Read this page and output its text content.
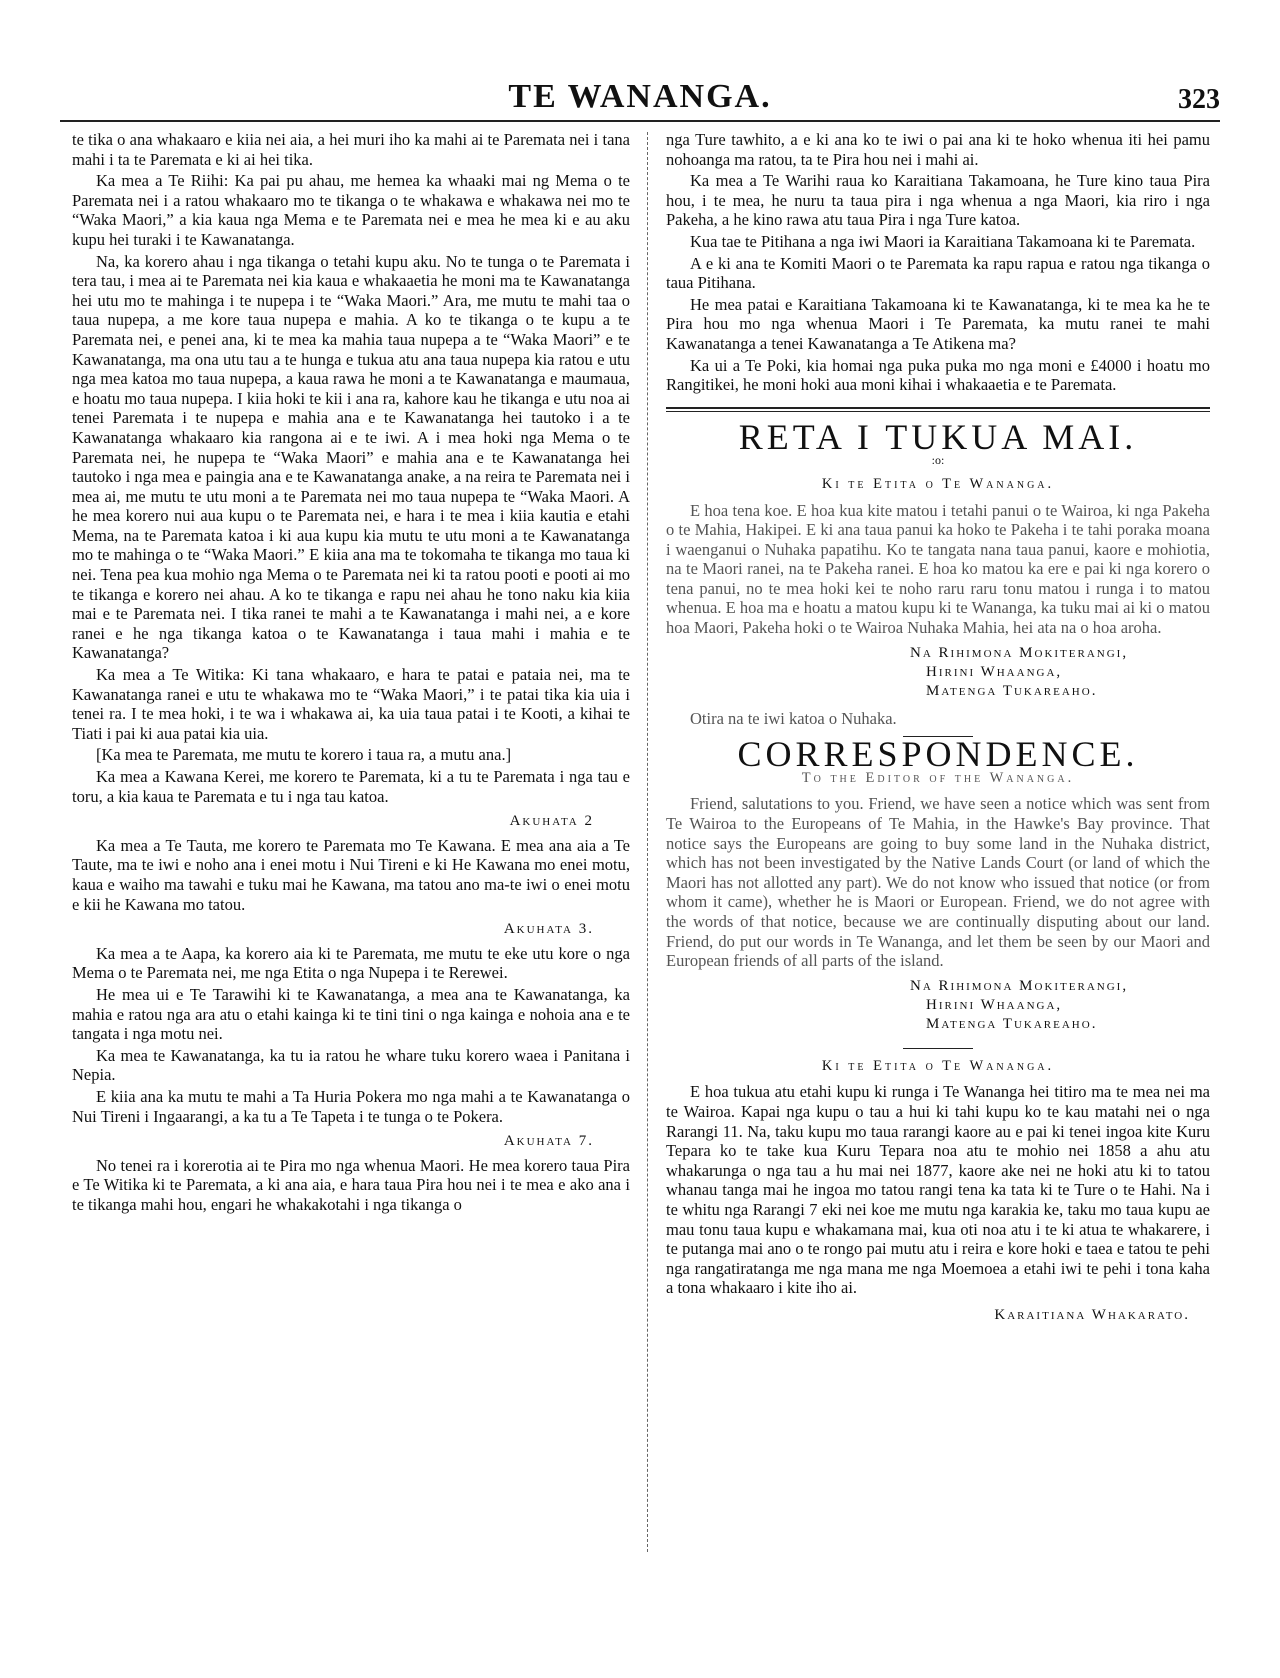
TE WANANGA.	323

te tika o ana whakaaro e kiia nei aia, a hei muri iho ka mahi ai te Paremata nei i tana mahi i ta te Paremata e ki ai hei tika.

Ka mea a Te Riihi: Ka pai pu ahau, me hemea ka whaaki mai ng Mema o te Paremata nei i a ratou whakaaro mo te tikanga o te whakawa e whakawa nei mo te “Waka Maori,” a kia kaua nga Mema e te Paremata nei e mea he mea ki e au aku kupu hei turaki i te Kawanatanga.

Na, ka korero ahau i nga tikanga o tetahi kupu aku. No te tunga o te Paremata i tera tau, i mea ai te Paremata nei kia kaua e whakaaetia he moni ma te Kawanatanga hei utu mo te mahinga i te nupepa i te “Waka Maori.” Ara, me mutu te mahi taa o taua nupepa, a me kore taua nupepa e mahia. A ko te tikanga o te kupu a te Paremata nei, e penei ana, ki te mea ka mahia taua nupepa a te “Waka Maori” e te Kawanatanga, ma ona utu tau a te hunga e tukua atu ana taua nupepa kia ratou e utu nga mea katoa mo taua nupepa, a kaua rawa he moni a te Kawanatanga e maumaua, e hoatu mo taua nupepa. I kiia hoki te kii i ana ra, kahore kau he tikanga e utu noa ai tenei Paremata i te nupepa e mahia ana e te Kawanatanga hei tautoko i a te Kawanatanga whakaaro kia rangona ai e te iwi. A i mea hoki nga Mema o te Paremata nei, he nupepa te “Waka Maori” e mahia ana e te Kawanatanga hei tautoko i nga mea e paingia ana e te Kawanatanga anake, a na reira te Paremata nei i mea ai, me mutu te utu moni a te Paremata nei mo taua nupepa te “Waka Maori. A he mea korero nui aua kupu o te Paremata nei, e hara i te mea i kiia kautia e etahi Mema, na te Paremata katoa i ki aua kupu kia mutu te utu moni a te Kawanatanga mo te mahinga o te “Waka Maori.” E kiia ana ma te tokomaha te tikanga mo taua ki nei. Tena pea kua mohio nga Mema o te Paremata nei ki ta ratou pooti e pooti ai mo te tikanga e korero nei ahau. A ko te tikanga e rapu nei ahau he tono naku kia kiia mai e te Paremata nei. I tika ranei te mahi a te Kawanatanga i mahi nei, a e kore ranei e he nga tikanga katoa o te Kawanatanga i taua mahi i mahia e te Kawanatanga?

Ka mea a Te Witika: Ki tana whakaaro, e hara te patai e pataia nei, ma te Kawanatanga ranei e utu te whakawa mo te “Waka Maori,” i te patai tika kia uia i tenei ra. I te mea hoki, i te wa i whakawa ai, ka uia taua patai i te Kooti, a kihai te Tiati i pai ki aua patai kia uia.

[Ka mea te Paremata, me mutu te korero i taua ra, a mutu ana.]

Ka mea a Kawana Kerei, me korero te Paremata, ki a tu te Paremata i nga tau e toru, a kia kaua te Paremata e tu i nga tau katoa.

Akuhata 2

Ka mea a Te Tauta, me korero te Paremata mo Te Kawana. E mea ana aia a Te Taute, ma te iwi e noho ana i enei motu i Nui Tireni e ki He Kawana mo enei motu, kaua e waiho ma tawahi e tuku mai he Kawana, ma tatou ano ma-te iwi o enei motu e kii he Kawana mo tatou.

Akuhata 3.

Ka mea a te Aapa, ka korero aia ki te Paremata, me mutu te eke utu kore o nga Mema o te Paremata nei, me nga Etita o nga Nupepa i te Rerewei.

He mea ui e Te Tarawihi ki te Kawanatanga, a mea ana te Kawanatanga, ka mahia e ratou nga ara atu o etahi kainga ki te tini tini o nga kainga e nohoia ana e te tangata i nga motu nei.

Ka mea te Kawanatanga, ka tu ia ratou he whare tuku korero waea i Panitana i Nepia.

E kiia ana ka mutu te mahi a Ta Huria Pokera mo nga mahi a te Kawanatanga o Nui Tireni i Ingaarangi, a ka tu a Te Tapeta i te tunga o te Pokera.

Akuhata 7.

No tenei ra i korerotia ai te Pira mo nga whenua Maori. He mea korero taua Pira e Te Witika ki te Paremata, a ki ana aia, e hara taua Pira hou nei i te mea e ako ana i te tikanga mahi hou, engari he whakakotahi i nga tikanga o

nga Ture tawhito, a e ki ana ko te iwi o pai ana ki te hoko whenua iti hei pamu nohoanga ma ratou, ta te Pira hou nei i mahi ai.

Ka mea a Te Warihi raua ko Karaitiana Takamoana, he Ture kino taua Pira hou, i te mea, he nuru ta taua pira i nga whenua a nga Maori, kia riro i nga Pakeha, a he kino rawa atu taua Pira i nga Ture katoa.

Kua tae te Pitihana a nga iwi Maori ia Karaitiana Takamoana ki te Paremata.

A e ki ana te Komiti Maori o te Paremata ka rapu rapua e ratou nga tikanga o taua Pitihana.

He mea patai e Karaitiana Takamoana ki te Kawanatanga, ki te mea ka he te Pira hou mo nga whenua Maori i Te Paremata, ka mutu ranei te mahi Kawanatanga a tenei Kawanatanga a Te Atikena ma?

Ka ui a Te Poki, kia homai nga puka puka mo nga moni e £4000 i hoatu mo Rangitikei, he moni hoki aua moni kihai i whakaaetia e te Paremata.

RETA I TUKUA MAI.
:o:
Ki te Etita o Te Wananga.

E hoa tena koe. E hoa kua kite matou i tetahi panui o te Wairoa, ki nga Pakeha o te Mahia, Hakipei. E ki ana taua panui ka hoko te Pakeha i te tahi poraka moana i waenganui o Nuhaka papatihu. Ko te tangata nana taua panui, kaore e mohiotia, na te Maori ranei, na te Pakeha ranei. E hoa ko matou ka ere e pai ki nga korero o tena panui, no te mea hoki kei te noho raru raru tonu matou i runga i to matou whenua. E hoa ma e hoatu a matou kupu ki te Wananga, ka tuku mai ai ki o matou hoa Maori, Pakeha hoki o te Wairoa Nuhaka Mahia, hei ata na o hoa aroha.

Na Rihimona Mokiterangi,
Hirini Whaanga,
Matenga Tukareaho.

Otira na te iwi katoa o Nuhaka.

CORRESPONDENCE.
To the Editor of the Wananga.

Friend, salutations to you. Friend, we have seen a notice which was sent from Te Wairoa to the Europeans of Te Mahia, in the Hawke's Bay province. That notice says the Europeans are going to buy some land in the Nuhaka district, which has not been investigated by the Native Lands Court (or land of which the Maori has not allotted any part). We do not know who issued that notice (or from whom it came), whether he is Maori or European. Friend, we do not agree with the words of that notice, because we are continually disputing about our land. Friend, do put our words in Te Wananga, and let them be seen by our Maori and European friends of all parts of the island.

Na Rihimona Mokiterangi,
Hirini Whaanga,
Matenga Tukareaho.
Ki te Etita o Te Wananga.

E hoa tukua atu etahi kupu ki runga i Te Wananga hei titiro ma te mea nei ma te Wairoa. Kapai nga kupu o tau a hui ki tahi kupu ko te kau matahi nei o nga Rarangi 11. Na, taku kupu mo taua rarangi kaore au e pai ki tenei ingoa kite Kuru Tepara ko te take kua Kuru Tepara noa atu te mohio nei 1858 a ahu atu whakarunga o nga tau a hu mai nei 1877, kaore ake nei ne hoki atu ki to tatou whanau tanga mai he ingoa mo tatou rangi tena ka tata ki te Ture o te Hahi. Na i te whitu nga Rarangi 7 eki nei koe me mutu nga karakia ke, taku mo taua kupu ae mau tonu taua kupu e whakamana mai, kua oti noa atu i te ki atua te whakarere, i te putanga mai ano o te rongo pai mutu atu i reira e kore hoki e taea e tatou te pehi nga rangatiratanga me nga mana me nga Moemoea a etahi iwi te pehi i tona kaha a tona whakaaro i kite iho ai.

Karaitiana Whakarato.
